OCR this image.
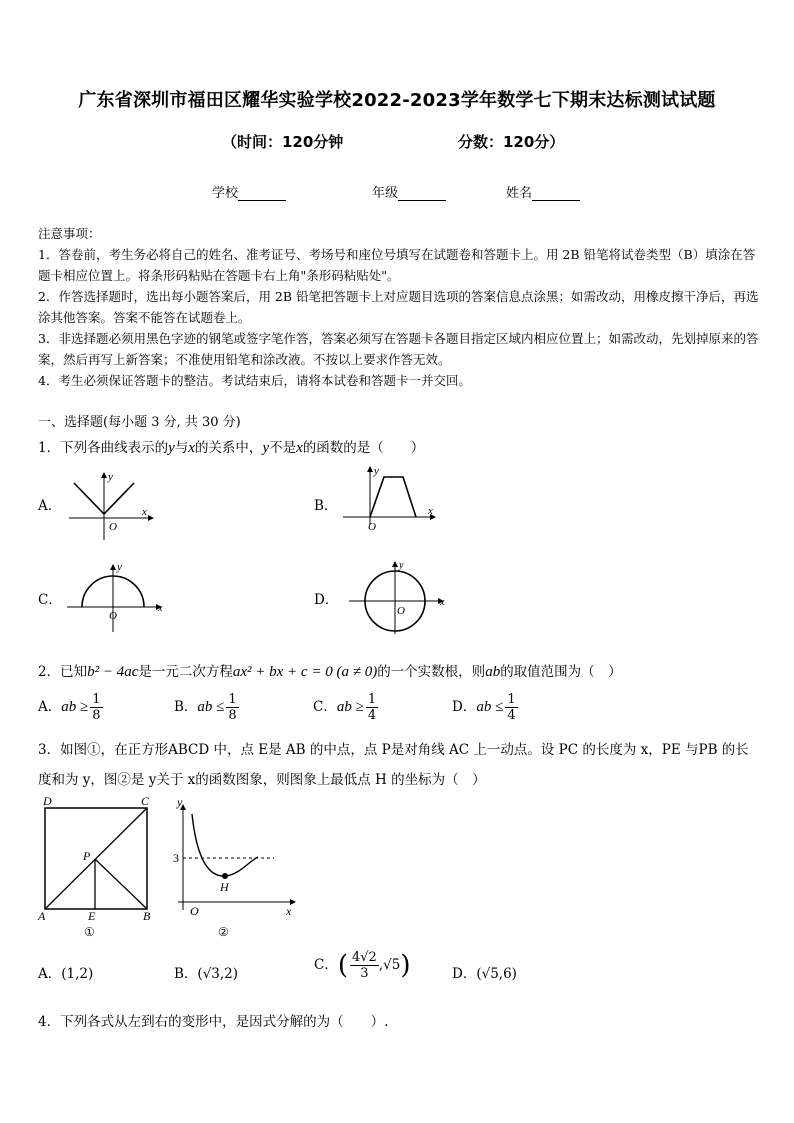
广东省深圳市福田区耀华实验学校2022-2023学年数学七下期末达标测试试题
（时间：120分钟	分数：120分）
学校	年级	姓名
注意事项：
1．答卷前，考生务必将自己的姓名、准考证号、考场号和座位号填写在试题卷和答题卡上。用 2B 铅笔将试卷类型（B）填涂在答题卡相应位置上。将条形码粘贴在答题卡右上角"条形码粘贴处"。
2．作答选择题时，选出每小题答案后，用 2B 铅笔把答题卡上对应题目选项的答案信息点涂黑；如需改动，用橡皮擦干净后，再选涂其他答案。答案不能答在试题卷上。
3．非选择题必须用黑色字迹的钢笔或签字笔作答，答案必须写在答题卡各题目指定区域内相应位置上；如需改动，先划掉原来的答案，然后再写上新答案；不准使用铅笔和涂改液。不按以上要求作答无效。
4．考生必须保证答题卡的整洁。考试结束后，请将本试卷和答题卡一并交回。
一、选择题(每小题 3 分, 共 30 分)
1．下列各曲线表示的y与x的关系中，y不是x的函数的是（　　）
A．
y
x
O
B．
y
x
O
C．
y
x
O
D．
y
x
O
2．已知b² − 4ac是一元二次方程ax² + bx + c = 0 (a ≠ 0)的一个实数根，则ab的取值范围为（　）
A．ab ≥ $\frac{1}{8}$	B．ab ≤ $\frac{1}{8}$	C．ab ≥ $\frac{1}{4}$	D．ab ≤ $\frac{1}{4}$
3．如图①，在正方形ABCD 中，点 E是 AB 的中点，点 P是对角线 AC 上一动点。设 PC 的长度为 x，PE 与PB 的长
度和为 y，图②是 y关于 x的函数图象，则图象上最低点 H 的坐标为（　）
D	C
P
A	E	B
①
y
3
H
O	x
②
A．(1,2)	B．(√3,2)
C．( $\frac{4√2}{3} ,√5$)	D．(√5,6)
4．下列各式从左到右的变形中，是因式分解的为（　　）.
